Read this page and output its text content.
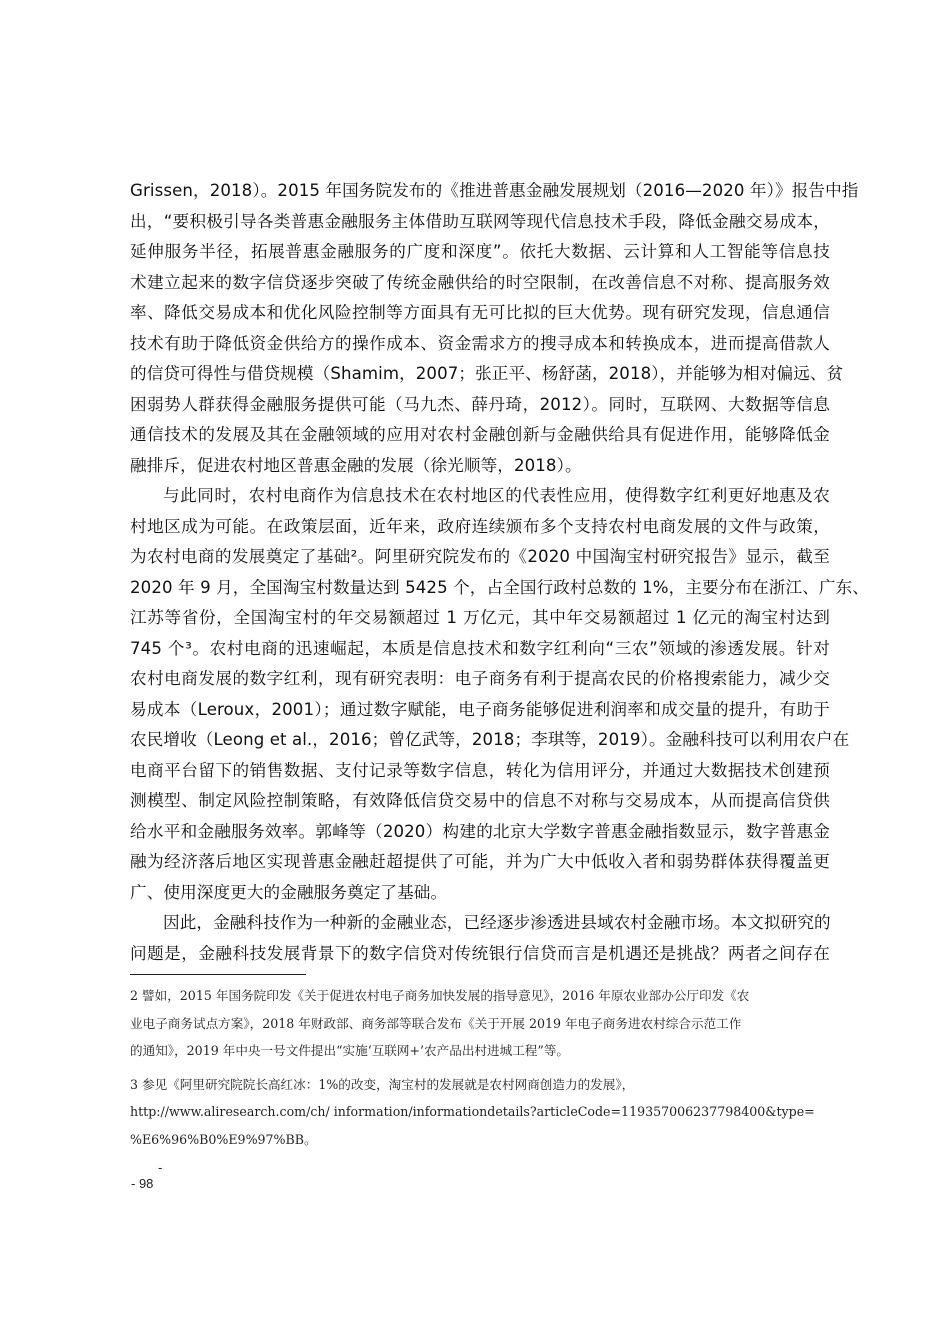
Grissen，2018）。2015 年国务院发布的《推进普惠金融发展规划（2016—2020 年）》报告中指
出，“要积极引导各类普惠金融服务主体借助互联网等现代信息技术手段，降低金融交易成本，
延伸服务半径，拓展普惠金融服务的广度和深度”。依托大数据、云计算和人工智能等信息技
术建立起来的数字信贷逐步突破了传统金融供给的时空限制，在改善信息不对称、提高服务效
率、降低交易成本和优化风险控制等方面具有无可比拟的巨大优势。现有研究发现，信息通信
技术有助于降低资金供给方的操作成本、资金需求方的搜寻成本和转换成本，进而提高借款人
的信贷可得性与借贷规模（Shamim，2007；张正平、杨舒菡，2018），并能够为相对偏远、贫
困弱势人群获得金融服务提供可能（马九杰、薛丹琦，2012）。同时，互联网、大数据等信息
通信技术的发展及其在金融领域的应用对农村金融创新与金融供给具有促进作用，能够降低金
融排斥，促进农村地区普惠金融的发展（徐光顺等，2018）。
与此同时，农村电商作为信息技术在农村地区的代表性应用，使得数字红利更好地惠及农
村地区成为可能。在政策层面，近年来，政府连续颁布多个支持农村电商发展的文件与政策，
为农村电商的发展奠定了基础²。阿里研究院发布的《2020 中国淘宝村研究报告》显示，截至
2020 年 9 月，全国淘宝村数量达到 5425 个，占全国行政村总数的 1%，主要分布在浙江、广东、
江苏等省份，全国淘宝村的年交易额超过 1 万亿元，其中年交易额超过 1 亿元的淘宝村达到
745 个³。农村电商的迅速崛起，本质是信息技术和数字红利向“三农”领域的渗透发展。针对
农村电商发展的数字红利，现有研究表明：电子商务有利于提高农民的价格搜索能力，减少交
易成本（Leroux，2001）；通过数字赋能，电子商务能够促进利润率和成交量的提升，有助于
农民增收（Leong et al.，2016；曾亿武等，2018；李琪等，2019）。金融科技可以利用农户在
电商平台留下的销售数据、支付记录等数字信息，转化为信用评分，并通过大数据技术创建预
测模型、制定风险控制策略，有效降低信贷交易中的信息不对称与交易成本，从而提高信贷供
给水平和金融服务效率。郭峰等（2020）构建的北京大学数字普惠金融指数显示，数字普惠金
融为经济落后地区实现普惠金融赶超提供了可能，并为广大中低收入者和弱势群体获得覆盖更
广、使用深度更大的金融服务奠定了基础。
因此，金融科技作为一种新的金融业态，已经逐步渗透进县域农村金融市场。本文拟研究的
问题是，金融科技发展背景下的数字信贷对传统银行信贷而言是机遇还是挑战？两者之间存在
2 譬如，2015 年国务院印发《关于促进农村电子商务加快发展的指导意见》，2016 年原农业部办公厅印发《农
业电子商务试点方案》，2018 年财政部、商务部等联合发布《关于开展 2019 年电子商务进农村综合示范工作
的通知》，2019 年中央一号文件提出“实施‘互联网+’农产品出村进城工程”等。
3 参见《阿里研究院院长高红冰：1%的改变，淘宝村的发展就是农村网商创造力的发展》，
http://www.aliresearch.com/ch/ information/informationdetails?articleCode=119357006237798400&type=
%E6%96%B0%E9%97%BB。
-
- 98
